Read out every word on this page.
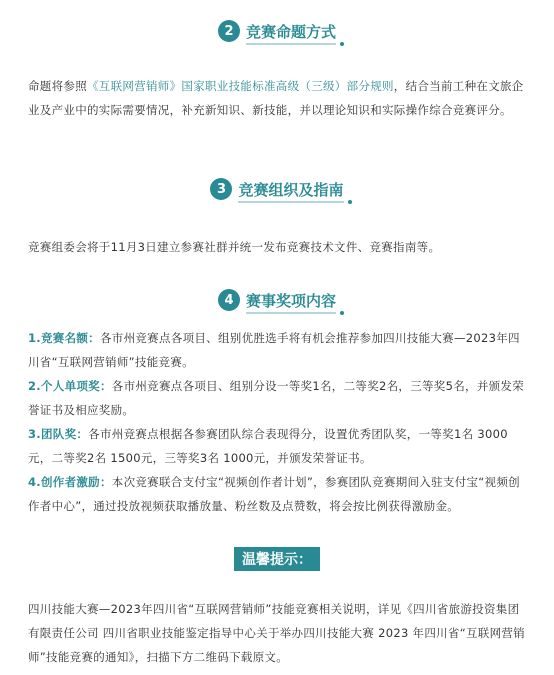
2 竞赛命题方式
命题将参照《互联网营销师》国家职业技能标准高级（三级）部分规则，结合当前工种在文旅企业及产业中的实际需要情况，补充新知识、新技能，并以理论知识和实际操作综合竞赛评分。
3 竞赛组织及指南
竞赛组委会将于11月3日建立参赛社群并统一发布竞赛技术文件、竞赛指南等。
4 赛事奖项内容
1.竞赛名额：各市州竞赛点各项目、组别优胜选手将有机会推荐参加四川技能大赛—2023年四川省“互联网营销师”技能竞赛。
2.个人单项奖：各市州竞赛点各项目、组别分设一等奖1名，二等奖2名，三等奖5名，并颁发荣誉证书及相应奖励。
3.团队奖：各市州竞赛点根据各参赛团队综合表现得分，设置优秀团队奖，一等奖1名 3000元，二等奖2名 1500元，三等奖3名 1000元，并颁发荣誉证书。
4.创作者激励：本次竞赛联合支付宝“视频创作者计划”，参赛团队竞赛期间入驻支付宝“视频创作者中心”，通过投放视频获取播放量、粉丝数及点赞数，将会按比例获得激励金。
温馨提示：
四川技能大赛—2023年四川省“互联网营销师”技能竞赛相关说明，详见《四川省旅游投资集团有限责任公司 四川省职业技能鉴定指导中心关于举办四川技能大赛 2023 年四川省“互联网营销师”技能竞赛的通知》，扫描下方二维码下载原文。
